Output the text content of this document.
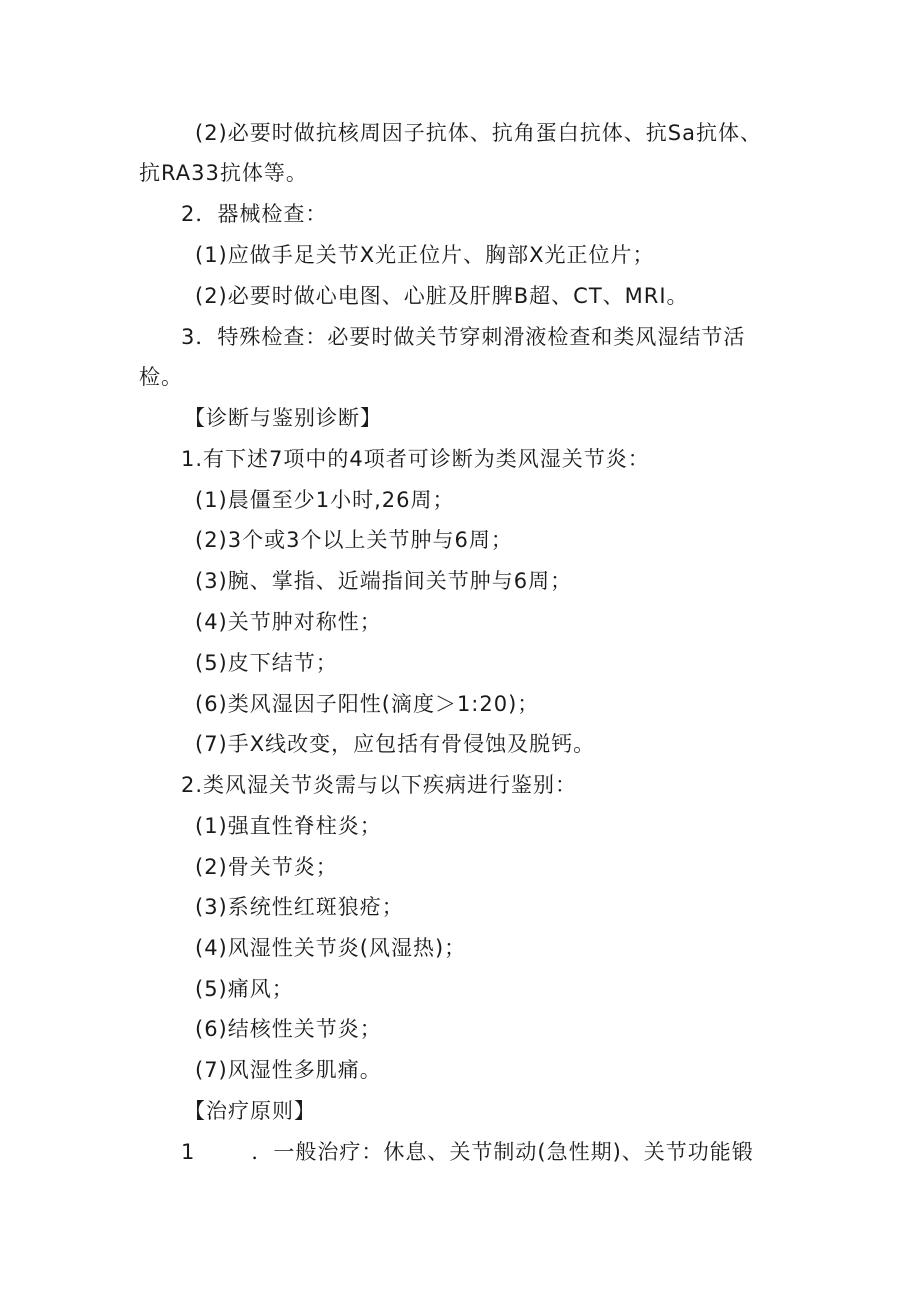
(2)必要时做抗核周因子抗体、抗角蛋白抗体、抗Sa抗体、
抗RA33抗体等。
2．器械检查：
(1)应做手足关节X光正位片、胸部X光正位片；
(2)必要时做心电图、心脏及肝脾B超、CT、MRI。
3．特殊检查：必要时做关节穿刺滑液检查和类风湿结节活
检。
【诊断与鉴别诊断】
1.有下述7项中的4项者可诊断为类风湿关节炎：
(1)晨僵至少1小时,26周；
(2)3个或3个以上关节肿与6周；
(3)腕、掌指、近端指间关节肿与6周；
(4)关节肿对称性；
(5)皮下结节；
(6)类风湿因子阳性(滴度＞1:20)；
(7)手X线改变，应包括有骨侵蚀及脱钙。
2.类风湿关节炎需与以下疾病进行鉴别：
(1)强直性脊柱炎；
(2)骨关节炎；
(3)系统性红斑狼疮；
(4)风湿性关节炎(风湿热)；
(5)痛风；
(6)结核性关节炎；
(7)风湿性多肌痛。
【治疗原则】
1	．一般治疗：休息、关节制动(急性期)、关节功能锻
